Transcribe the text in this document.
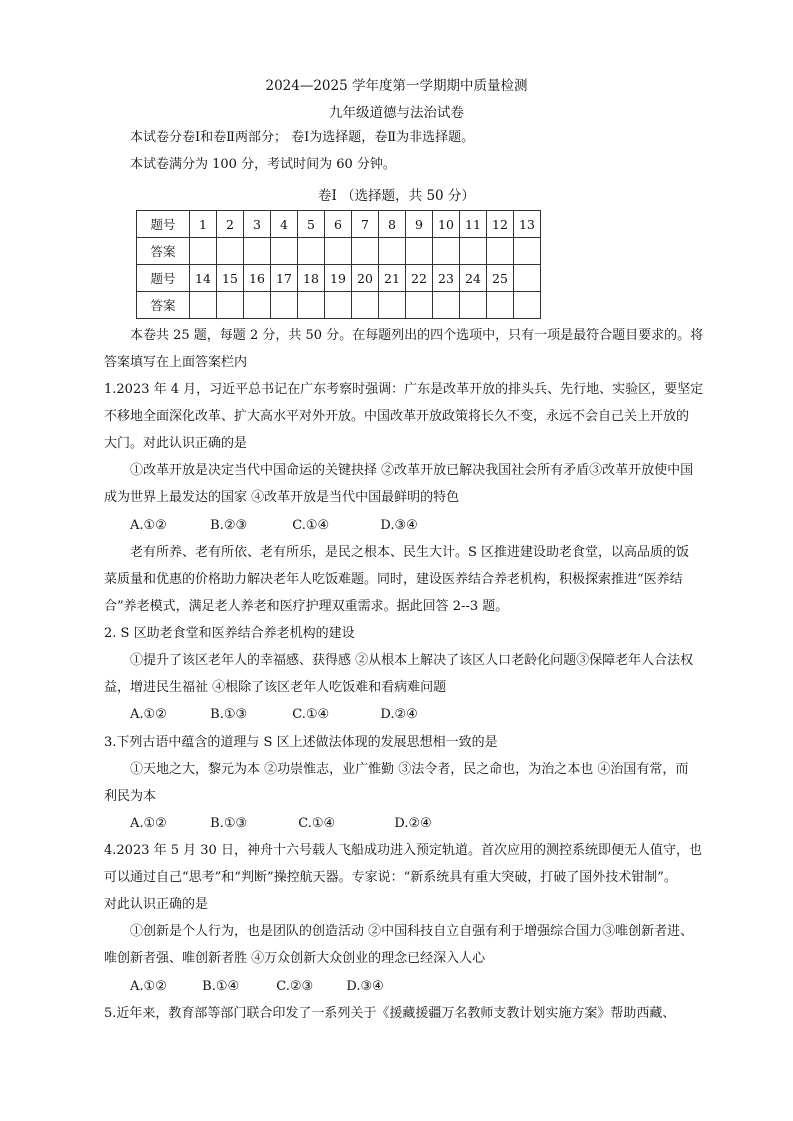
2024—2025 学年度第一学期期中质量检测
九年级道德与法治试卷
本试卷分卷Ⅰ和卷Ⅱ两部分； 卷Ⅰ为选择题，卷Ⅱ为非选择题。
本试卷满分为 100 分，考试时间为 60 分钟。
卷Ⅰ （选择题，共 50 分）
题号	1	2	3	4	5	6	7	8	9	10	11	12	13
答案													
题号	14	15	16	17	18	19	20	21	22	23	24	25	
答案													
本卷共 25 题，每题 2 分，共 50 分。在每题列出的四个选项中，只有一项是最符合题目要求的。将
答案填写在上面答案栏内
1.2023 年 4 月，习近平总书记在广东考察时强调：广东是改革开放的排头兵、先行地、实验区，要坚定
不移地全面深化改革、扩大高水平对外开放。中国改革开放政策将长久不变，永远不会自己关上开放的
大门。对此认识正确的是
①改革开放是决定当代中国命运的关键抉择 ②改革开放已解决我国社会所有矛盾③改革开放使中国
成为世界上最发达的国家 ④改革开放是当代中国最鲜明的特色
A.①②	B.②③	C.①④	D.③④
老有所养、老有所依、老有所乐，是民之根本、民生大计。S 区推进建设助老食堂，以高品质的饭
菜质量和优惠的价格助力解决老年人吃饭难题。同时，建设医养结合养老机构，积极探索推进“医养结
合”养老模式，满足老人养老和医疗护理双重需求。据此回答 2--3 题。
2. S 区助老食堂和医养结合养老机构的建设
①提升了该区老年人的幸福感、获得感 ②从根本上解决了该区人口老龄化问题③保障老年人合法权
益，增进民生福祉 ④根除了该区老年人吃饭难和看病难问题
A.①②	B.①③	C.①④	D.②④
3.下列古语中蕴含的道理与 S 区上述做法体现的发展思想相一致的是
①天地之大，黎元为本 ②功崇惟志，业广惟勤 ③法令者，民之命也，为治之本也 ④治国有常，而
利民为本
A.①②	B.①③	C.①④	D.②④
4.2023 年 5 月 30 日，神舟十六号载人飞船成功进入预定轨道。首次应用的测控系统即便无人值守，也
可以通过自己“思考”和“判断”操控航天器。专家说：“新系统具有重大突破，打破了国外技术钳制”。
对此认识正确的是
①创新是个人行为，也是团队的创造活动 ②中国科技自立自强有利于增强综合国力③唯创新者进、
唯创新者强、唯创新者胜 ④万众创新大众创业的理念已经深入人心
A.①②	B.①④	C.②③	D.③④
5.近年来，教育部等部门联合印发了一系列关于《援藏援疆万名教师支教计划实施方案》帮助西藏、
